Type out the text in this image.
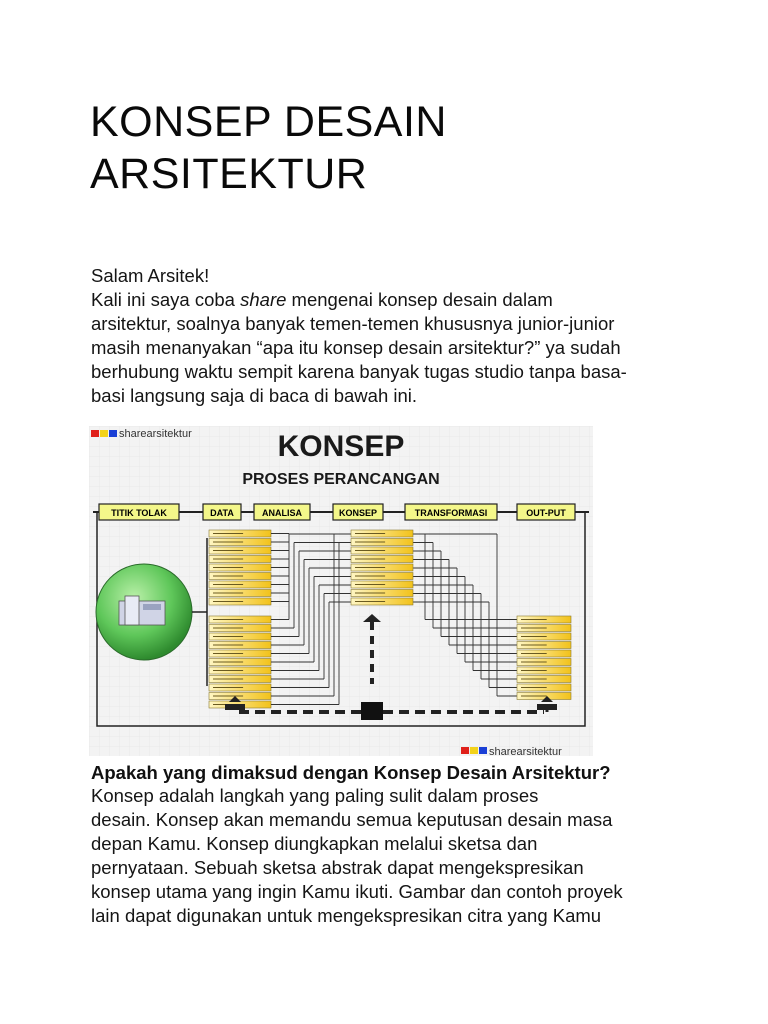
KONSEP DESAIN
ARSITEKTUR

Salam Arsitek!

Kali ini saya coba share mengenai konsep desain dalam

arsitektur, soalnya banyak temen-temen khususnya junior-junior

masih menanyakan “apa itu konsep desain arsitektur?” ya sudah

berhubung waktu sempit karena banyak tugas studio tanpa basa-

basi langsung saja di baca di bawah ini.

sharearsitektur	KONSEP
PROSES PERANCANGAN
TITIK TOLAK	DATA	ANALISA	KONSEP	TRANSFORMASI	OUT-PUT
sharearsitektur
Apakah yang dimaksud dengan Konsep Desain Arsitektur?

Konsep adalah langkah yang paling sulit dalam proses

desain. Konsep akan memandu semua keputusan desain masa

depan Kamu. Konsep diungkapkan melalui sketsa dan

pernyataan. Sebuah sketsa abstrak dapat mengekspresikan

konsep utama yang ingin Kamu ikuti. Gambar dan contoh proyek

lain dapat digunakan untuk mengekspresikan citra yang Kamu
